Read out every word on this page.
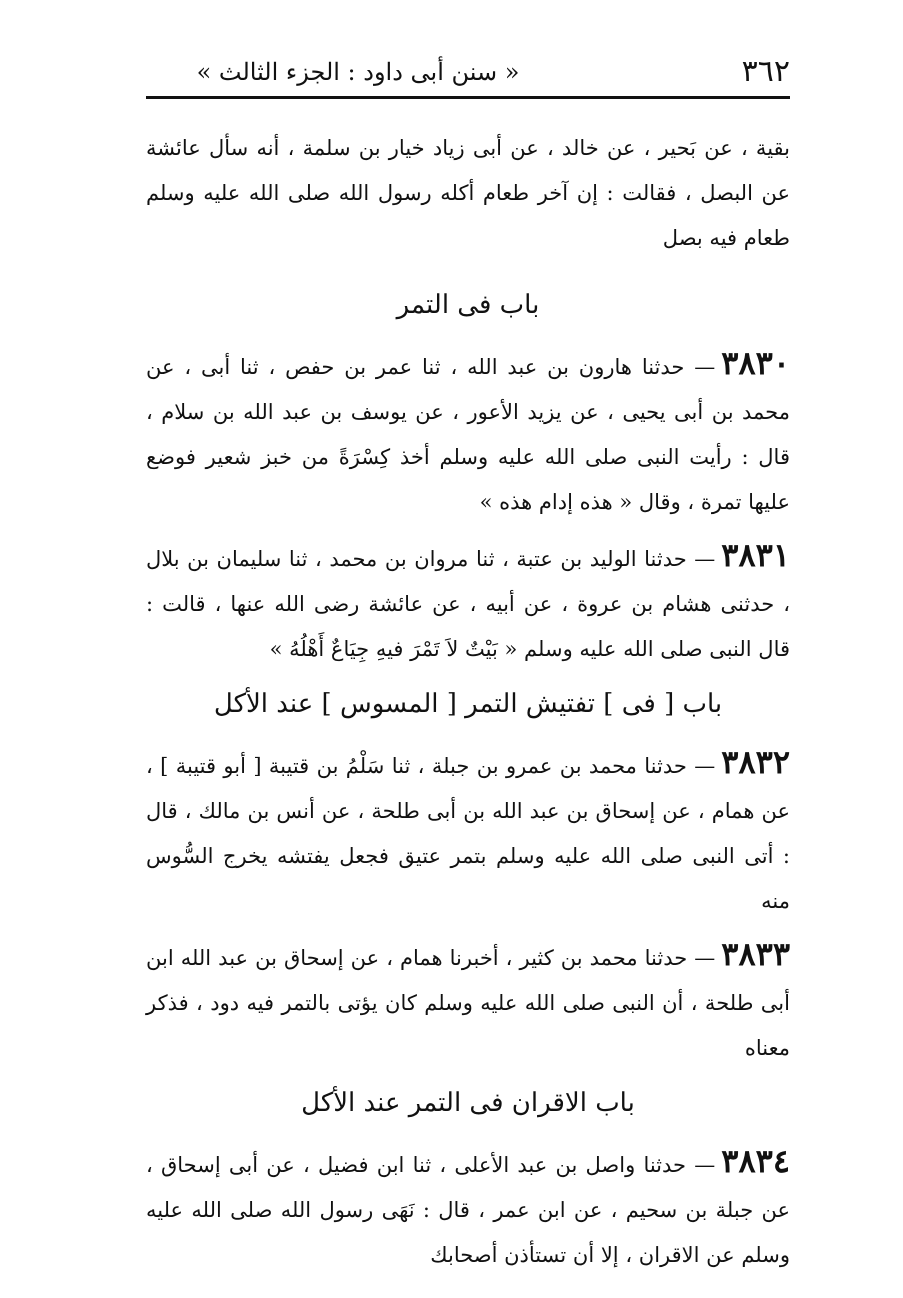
٣٦٢
« سنن أبى داود : الجزء الثالث »

بقية ، عن بَحير ، عن خالد ، عن أبى زياد خيار بن سلمة ، أنه سأل عائشة عن البصل ، فقالت : إن آخر طعام أكله رسول الله صلى الله عليه وسلم طعام فيه بصل

باب فى التمر

٣٨٣٠— حدثنا هارون بن عبد الله ، ثنا عمر بن حفص ، ثنا أبى ، عن محمد بن أبى يحيى ، عن يزيد الأعور ، عن يوسف بن عبد الله بن سلام ، قال : رأيت النبى صلى الله عليه وسلم أخذ كِسْرَةً من خبز شعير فوضع عليها تمرة ، وقال « هذه إدام هذه »

٣٨٣١— حدثنا الوليد بن عتبة ، ثنا مروان بن محمد ، ثنا سليمان بن بلال ، حدثنى هشام بن عروة ، عن أبيه ، عن عائشة رضى الله عنها ، قالت : قال النبى صلى الله عليه وسلم « بَيْتٌ لاَ تَمْرَ فيهِ جِيَاعٌ أَهْلُهُ »

باب [ فى ] تفتيش التمر [ المسوس ] عند الأكل

٣٨٣٢— حدثنا محمد بن عمرو بن جبلة ، ثنا سَلْمُ بن قتيبة [ أبو قتيبة ] ، عن همام ، عن إسحاق بن عبد الله بن أبى طلحة ، عن أنس بن مالك ، قال : أتى النبى صلى الله عليه وسلم بتمر عتيق فجعل يفتشه يخرج السُّوس منه

٣٨٣٣— حدثنا محمد بن كثير ، أخبرنا همام ، عن إسحاق بن عبد الله ابن أبى طلحة ، أن النبى صلى الله عليه وسلم كان يؤتى بالتمر فيه دود ، فذكر معناه

باب الاقران فى التمر عند الأكل

٣٨٣٤— حدثنا واصل بن عبد الأعلى ، ثنا ابن فضيل ، عن أبى إسحاق ، عن جبلة بن سحيم ، عن ابن عمر ، قال : نَهَى رسول الله صلى الله عليه وسلم عن الاقران ، إلا أن تستأذن أصحابك
